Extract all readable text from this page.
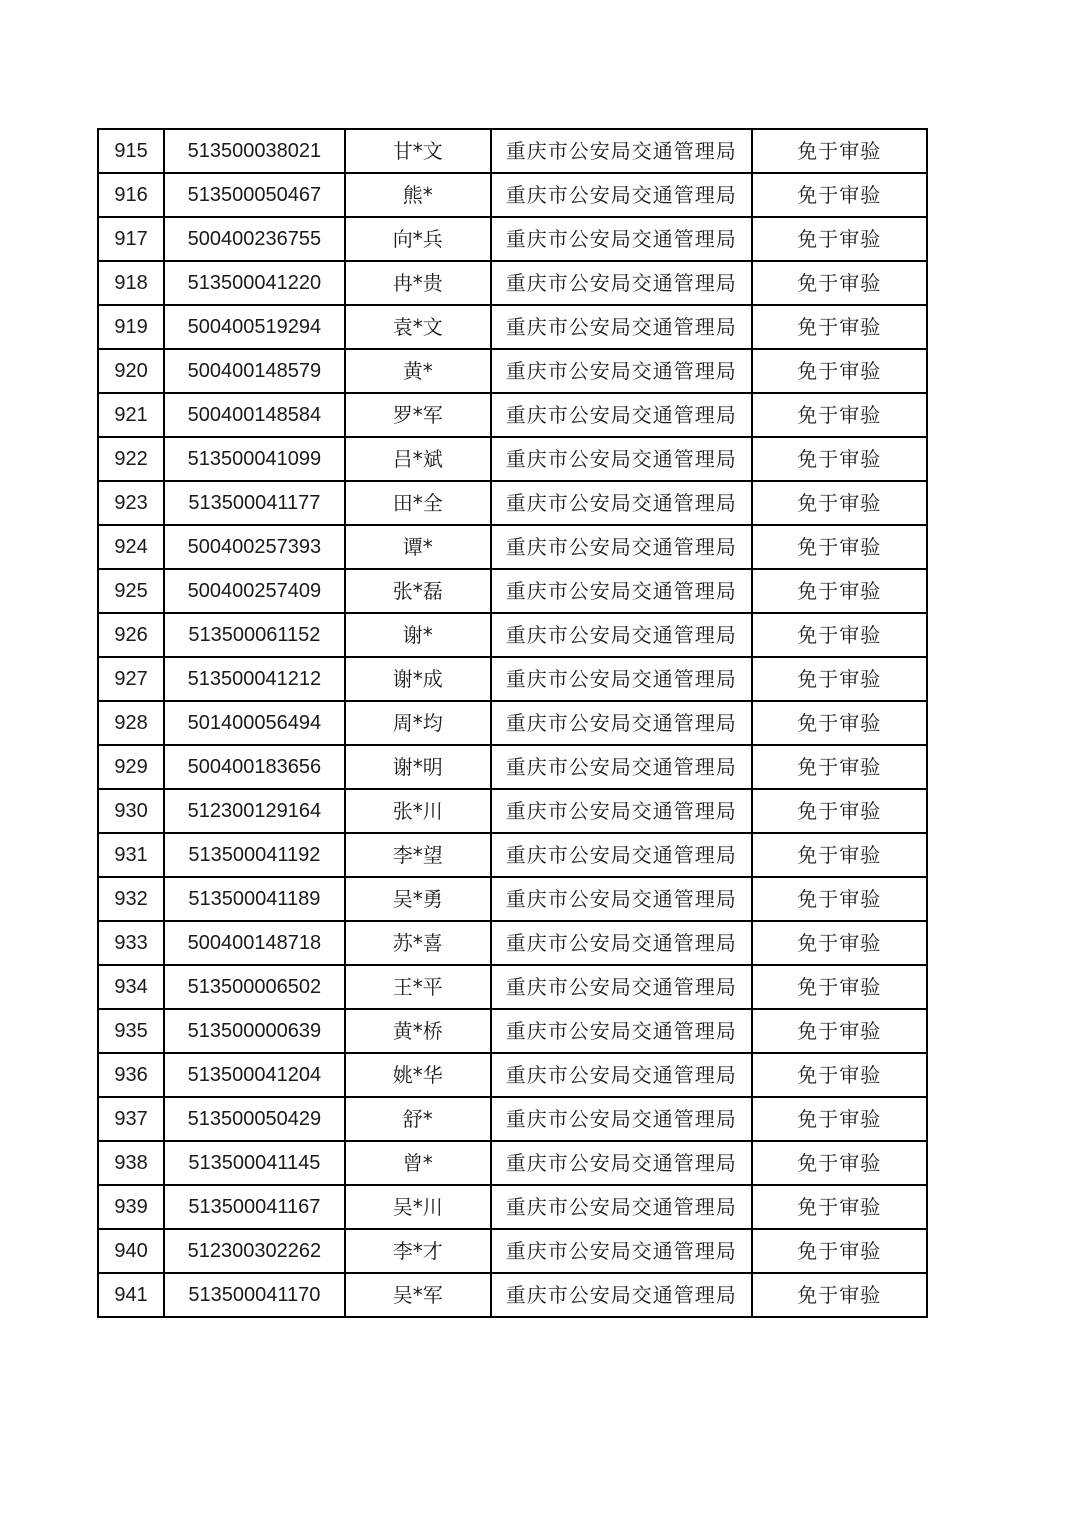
915	513500038021	甘*文	重庆市公安局交通管理局	免于审验
916	513500050467	熊*	重庆市公安局交通管理局	免于审验
917	500400236755	向*兵	重庆市公安局交通管理局	免于审验
918	513500041220	冉*贵	重庆市公安局交通管理局	免于审验
919	500400519294	袁*文	重庆市公安局交通管理局	免于审验
920	500400148579	黄*	重庆市公安局交通管理局	免于审验
921	500400148584	罗*军	重庆市公安局交通管理局	免于审验
922	513500041099	吕*斌	重庆市公安局交通管理局	免于审验
923	513500041177	田*全	重庆市公安局交通管理局	免于审验
924	500400257393	谭*	重庆市公安局交通管理局	免于审验
925	500400257409	张*磊	重庆市公安局交通管理局	免于审验
926	513500061152	谢*	重庆市公安局交通管理局	免于审验
927	513500041212	谢*成	重庆市公安局交通管理局	免于审验
928	501400056494	周*均	重庆市公安局交通管理局	免于审验
929	500400183656	谢*明	重庆市公安局交通管理局	免于审验
930	512300129164	张*川	重庆市公安局交通管理局	免于审验
931	513500041192	李*望	重庆市公安局交通管理局	免于审验
932	513500041189	吴*勇	重庆市公安局交通管理局	免于审验
933	500400148718	苏*喜	重庆市公安局交通管理局	免于审验
934	513500006502	王*平	重庆市公安局交通管理局	免于审验
935	513500000639	黄*桥	重庆市公安局交通管理局	免于审验
936	513500041204	姚*华	重庆市公安局交通管理局	免于审验
937	513500050429	舒*	重庆市公安局交通管理局	免于审验
938	513500041145	曾*	重庆市公安局交通管理局	免于审验
939	513500041167	吴*川	重庆市公安局交通管理局	免于审验
940	512300302262	李*才	重庆市公安局交通管理局	免于审验
941	513500041170	吴*军	重庆市公安局交通管理局	免于审验
